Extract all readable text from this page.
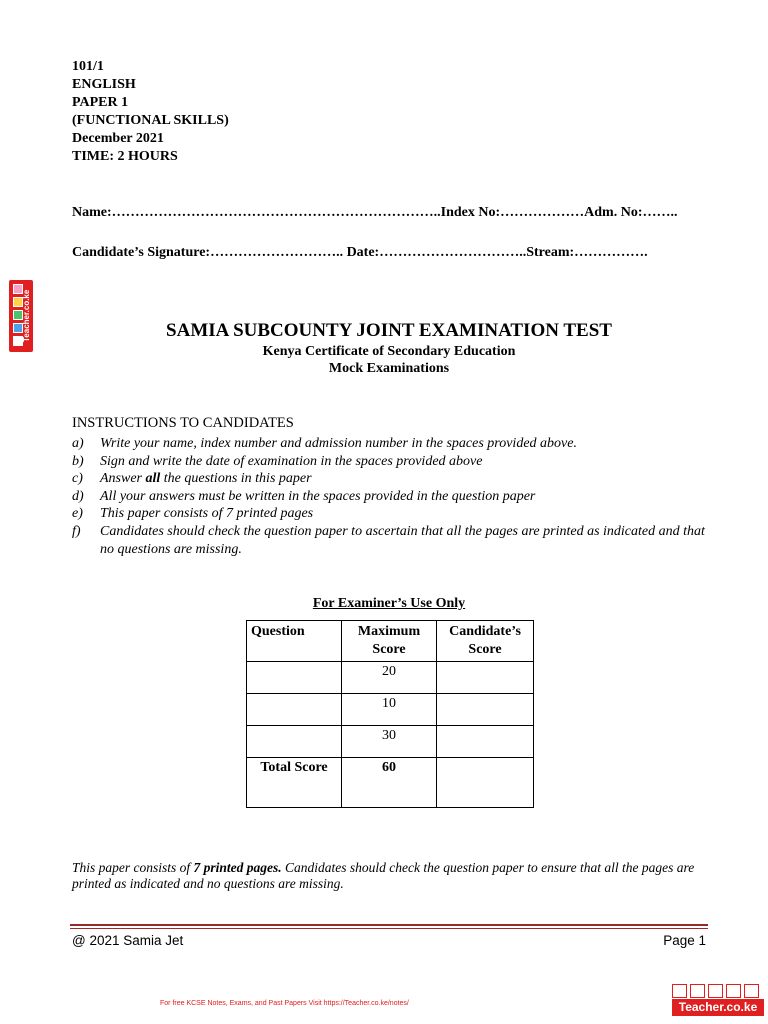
101/1
ENGLISH
PAPER 1
(FUNCTIONAL SKILLS)
December 2021
TIME: 2 HOURS
Name:……………………………………………………………..Index No:………………Adm. No:……..
Candidate’s Signature:……………………….. Date:…………………………..Stream:…………….
Teacher.co.ke	SAMIA SUBCOUNTY JOINT EXAMINATION TEST
Kenya Certificate of Secondary Education
Mock Examinations
INSTRUCTIONS TO CANDIDATES
a) Write your name, index number and admission number in the spaces provided above.
b) Sign and write the date of examination in the spaces provided above
c) Answer all the questions in this paper
d) All your answers must be written in the spaces provided in the question paper
e) This paper consists of 7 printed pages
f) Candidates should check the question paper to ascertain that all the pages are printed as indicated and that no questions are missing.
For Examiner’s Use Only
Question	Maximum Score	Candidate’s Score
	20	
	10	
	30	
Total Score	60	
This paper consists of 7 printed pages. Candidates should check the question paper to ensure that all the pages are printed as indicated and no questions are missing.
@ 2021 Samia Jet	Page 1
For free KCSE Notes, Exams, and Past Papers Visit https://Teacher.co.ke/notes/	Teacher.co.ke
